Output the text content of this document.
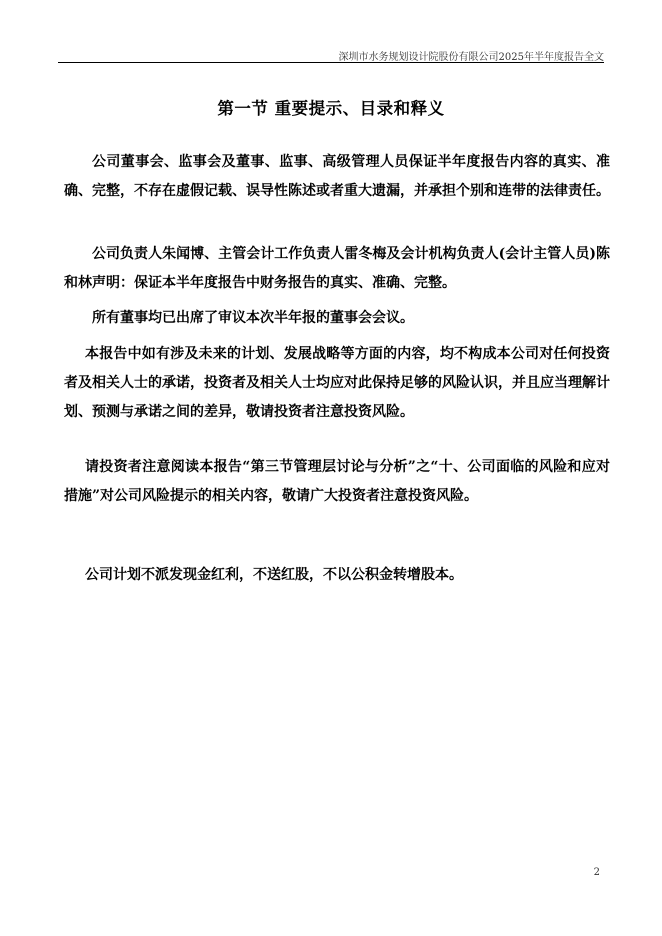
深圳市水务规划设计院股份有限公司2025年半年度报告全文
第一节 重要提示、目录和释义

公司董事会、监事会及董事、监事、高级管理人员保证半年度报告内容的真实、准确、完整，不存在虚假记载、误导性陈述或者重大遗漏，并承担个别和连带的法律责任。

公司负责人朱闻博、主管会计工作负责人雷冬梅及会计机构负责人(会计主管人员)陈和林声明：保证本半年度报告中财务报告的真实、准确、完整。

所有董事均已出席了审议本次半年报的董事会会议。

本报告中如有涉及未来的计划、发展战略等方面的内容，均不构成本公司对任何投资者及相关人士的承诺，投资者及相关人士均应对此保持足够的风险认识，并且应当理解计划、预测与承诺之间的差异，敬请投资者注意投资风险。

请投资者注意阅读本报告“第三节管理层讨论与分析”之“十、公司面临的风险和应对措施”对公司风险提示的相关内容，敬请广大投资者注意投资风险。

公司计划不派发现金红利，不送红股，不以公积金转增股本。

2
